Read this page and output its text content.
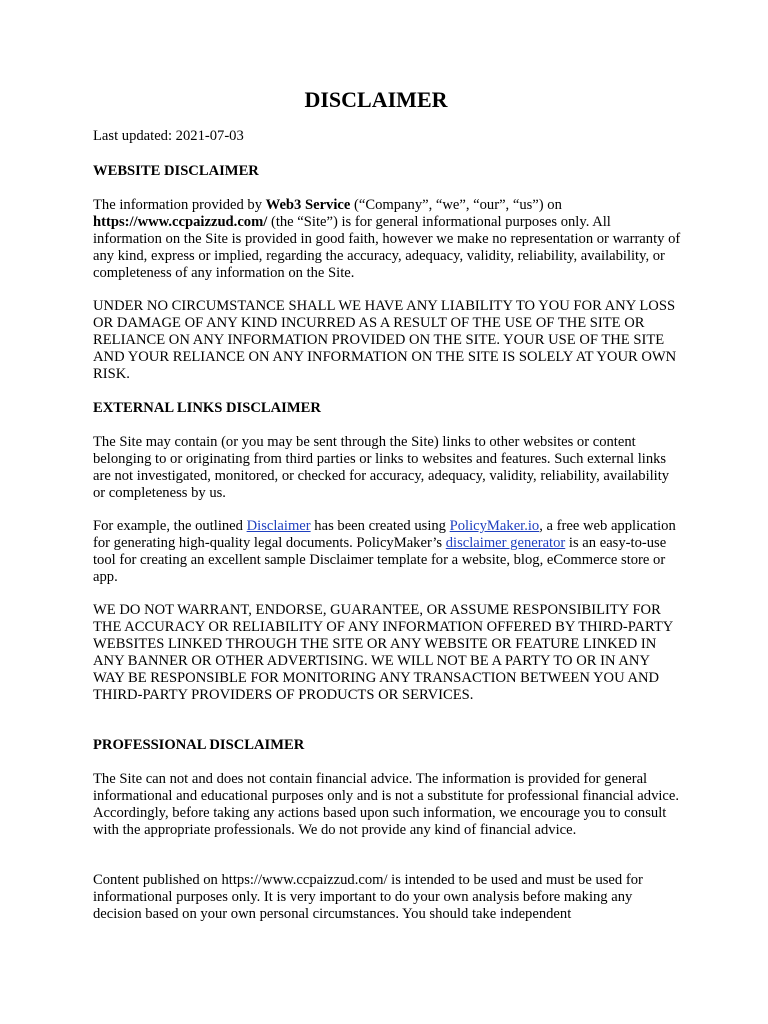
DISCLAIMER

Last updated: 2021-07-03

WEBSITE DISCLAIMER

The information provided by Web3 Service (“Company”, “we”, “our”, “us”) on https://www.ccpaizzud.com/ (the “Site”) is for general informational purposes only. All information on the Site is provided in good faith, however we make no representation or warranty of any kind, express or implied, regarding the accuracy, adequacy, validity, reliability, availability, or completeness of any information on the Site.

UNDER NO CIRCUMSTANCE SHALL WE HAVE ANY LIABILITY TO YOU FOR ANY LOSS OR DAMAGE OF ANY KIND INCURRED AS A RESULT OF THE USE OF THE SITE OR RELIANCE ON ANY INFORMATION PROVIDED ON THE SITE. YOUR USE OF THE SITE AND YOUR RELIANCE ON ANY INFORMATION ON THE SITE IS SOLELY AT YOUR OWN RISK.

EXTERNAL LINKS DISCLAIMER

The Site may contain (or you may be sent through the Site) links to other websites or content belonging to or originating from third parties or links to websites and features. Such external links are not investigated, monitored, or checked for accuracy, adequacy, validity, reliability, availability or completeness by us.

For example, the outlined Disclaimer has been created using PolicyMaker.io, a free web application for generating high-quality legal documents. PolicyMaker’s disclaimer generator is an easy-to-use tool for creating an excellent sample Disclaimer template for a website, blog, eCommerce store or app.

WE DO NOT WARRANT, ENDORSE, GUARANTEE, OR ASSUME RESPONSIBILITY FOR THE ACCURACY OR RELIABILITY OF ANY INFORMATION OFFERED BY THIRD-PARTY WEBSITES LINKED THROUGH THE SITE OR ANY WEBSITE OR FEATURE LINKED IN ANY BANNER OR OTHER ADVERTISING. WE WILL NOT BE A PARTY TO OR IN ANY WAY BE RESPONSIBLE FOR MONITORING ANY TRANSACTION BETWEEN YOU AND THIRD-PARTY PROVIDERS OF PRODUCTS OR SERVICES.

PROFESSIONAL DISCLAIMER

The Site can not and does not contain financial advice. The information is provided for general informational and educational purposes only and is not a substitute for professional financial advice. Accordingly, before taking any actions based upon such information, we encourage you to consult with the appropriate professionals. We do not provide any kind of financial advice.

Content published on https://www.ccpaizzud.com/ is intended to be used and must be used for informational purposes only. It is very important to do your own analysis before making any decision based on your own personal circumstances. You should take independent
